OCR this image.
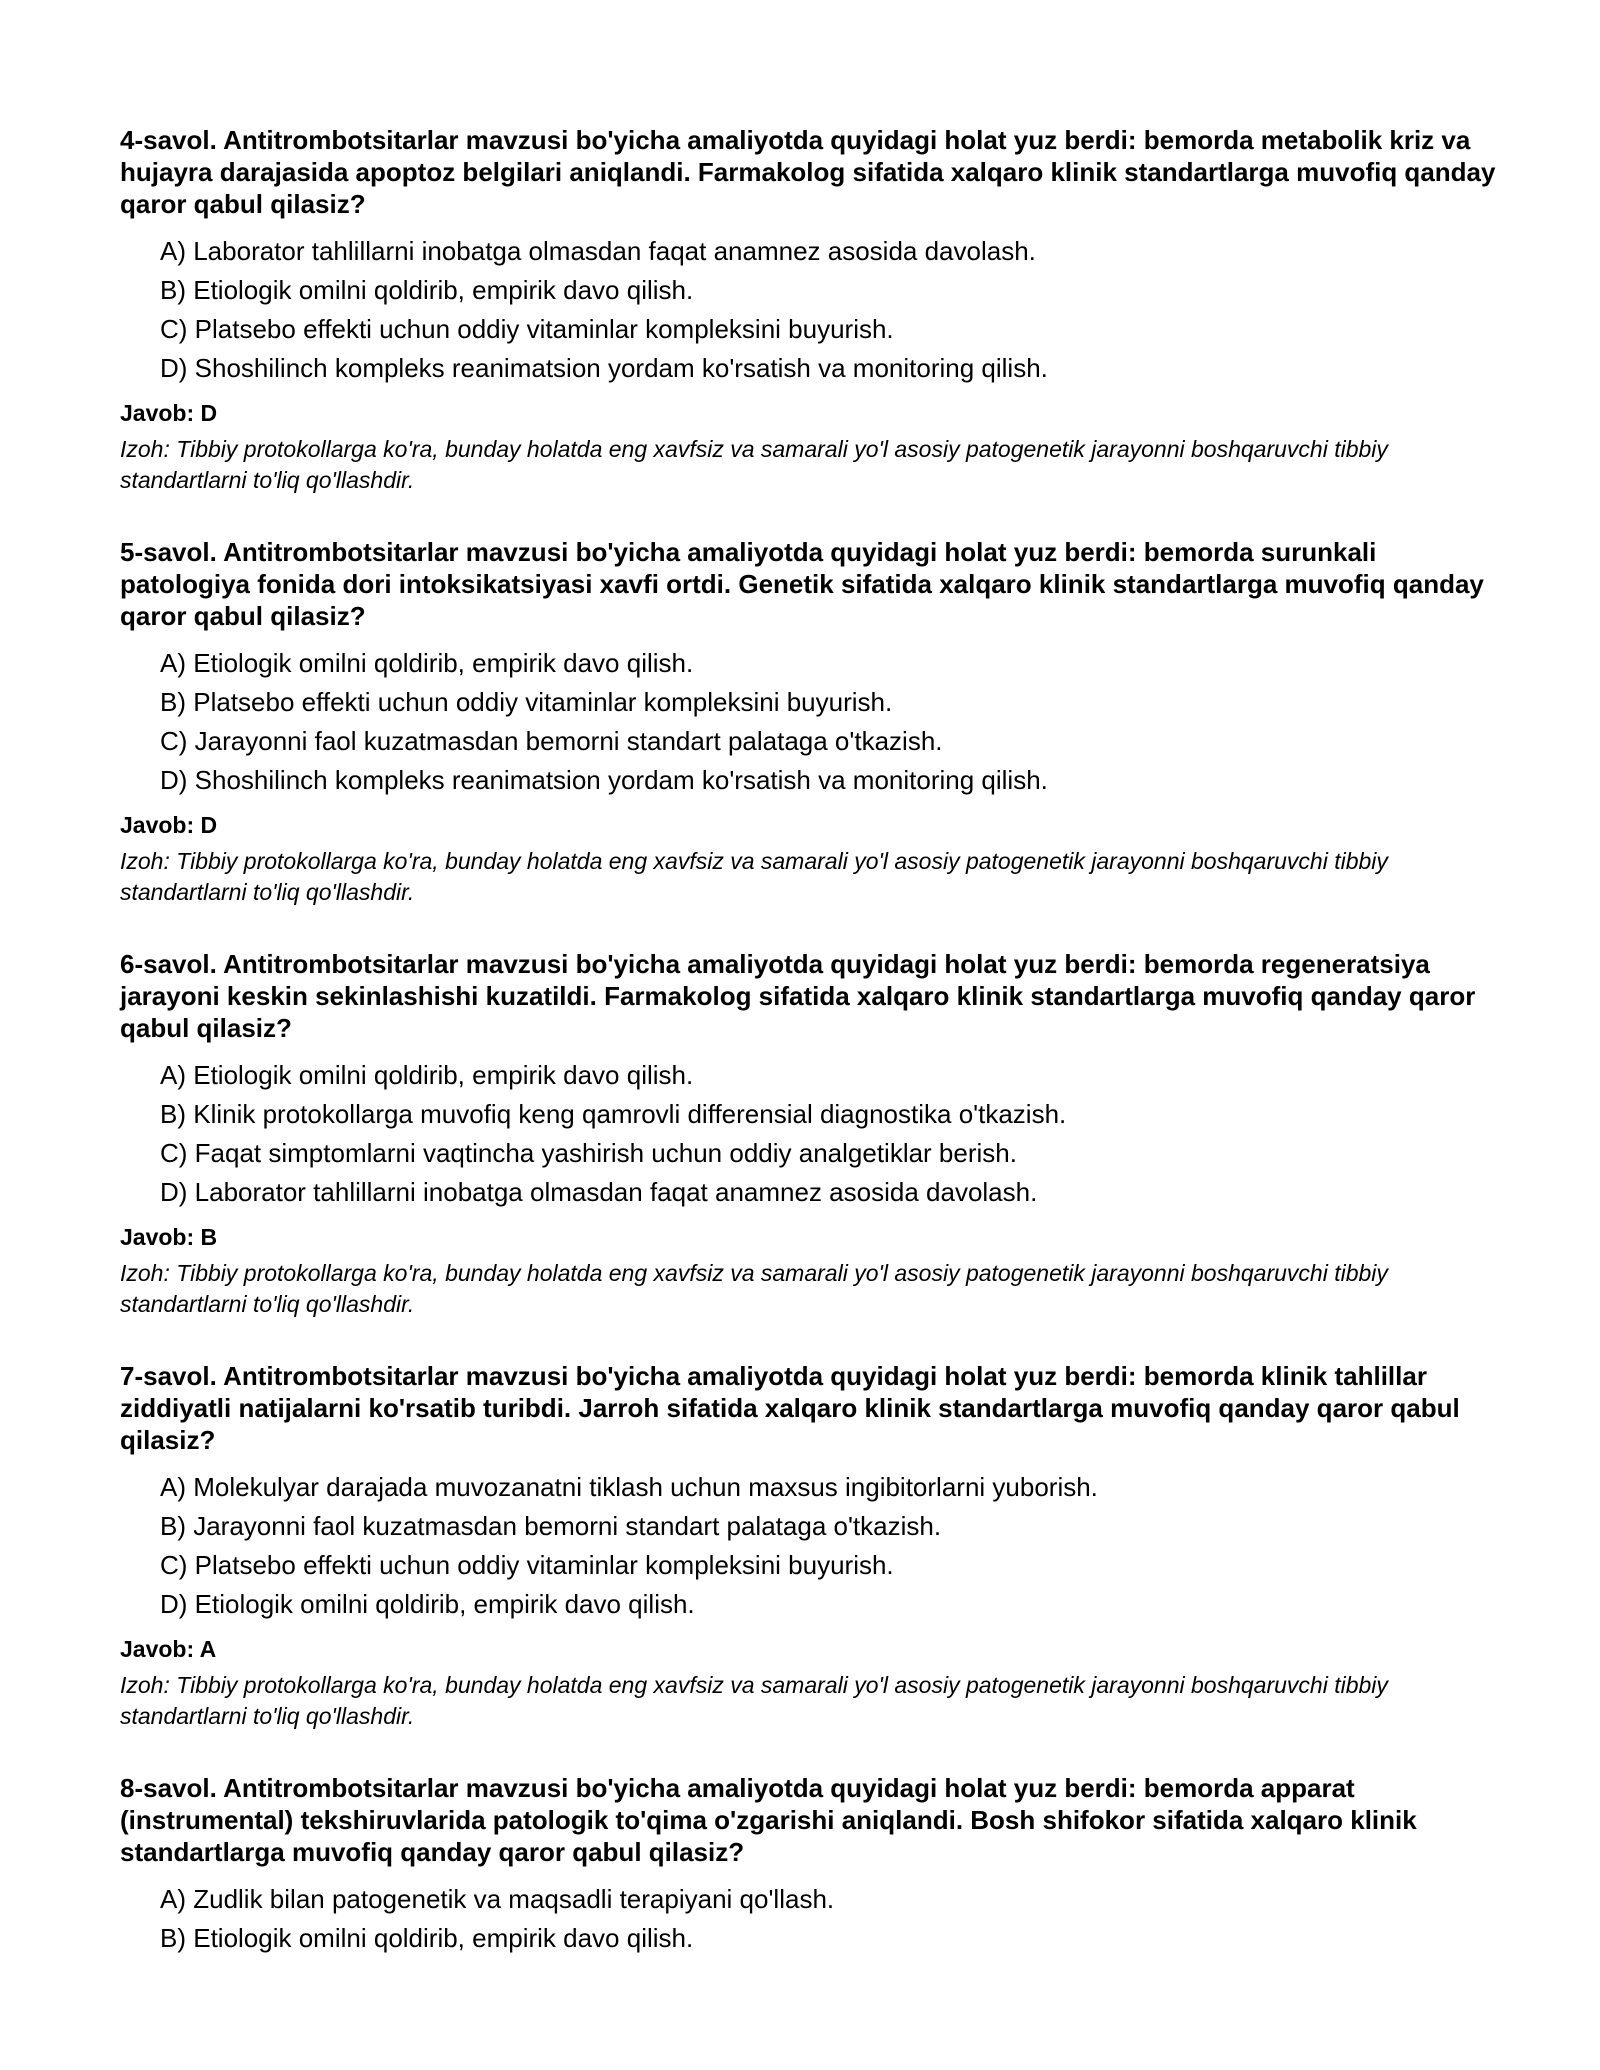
4-savol. Antitrombotsitarlar mavzusi bo'yicha amaliyotda quyidagi holat yuz berdi: bemorda metabolik kriz va hujayra darajasida apoptoz belgilari aniqlandi. Farmakolog sifatida xalqaro klinik standartlarga muvofiq qanday qaror qabul qilasiz?

A) Laborator tahlillarni inobatga olmasdan faqat anamnez asosida davolash.
B) Etiologik omilni qoldirib, empirik davo qilish.
C) Platsebo effekti uchun oddiy vitaminlar kompleksini buyurish.
D) Shoshilinch kompleks reanimatsion yordam ko'rsatish va monitoring qilish.

Javob: D

Izoh: Tibbiy protokollarga ko'ra, bunday holatda eng xavfsiz va samarali yo'l asosiy patogenetik jarayonni boshqaruvchi tibbiy standartlarni to'liq qo'llashdir.

5-savol. Antitrombotsitarlar mavzusi bo'yicha amaliyotda quyidagi holat yuz berdi: bemorda surunkali patologiya fonida dori intoksikatsiyasi xavfi ortdi. Genetik sifatida xalqaro klinik standartlarga muvofiq qanday qaror qabul qilasiz?

A) Etiologik omilni qoldirib, empirik davo qilish.
B) Platsebo effekti uchun oddiy vitaminlar kompleksini buyurish.
C) Jarayonni faol kuzatmasdan bemorni standart palataga o'tkazish.
D) Shoshilinch kompleks reanimatsion yordam ko'rsatish va monitoring qilish.

Javob: D

Izoh: Tibbiy protokollarga ko'ra, bunday holatda eng xavfsiz va samarali yo'l asosiy patogenetik jarayonni boshqaruvchi tibbiy standartlarni to'liq qo'llashdir.

6-savol. Antitrombotsitarlar mavzusi bo'yicha amaliyotda quyidagi holat yuz berdi: bemorda regeneratsiya jarayoni keskin sekinlashishi kuzatildi. Farmakolog sifatida xalqaro klinik standartlarga muvofiq qanday qaror qabul qilasiz?

A) Etiologik omilni qoldirib, empirik davo qilish.
B) Klinik protokollarga muvofiq keng qamrovli differensial diagnostika o'tkazish.
C) Faqat simptomlarni vaqtincha yashirish uchun oddiy analgetiklar berish.
D) Laborator tahlillarni inobatga olmasdan faqat anamnez asosida davolash.

Javob: B

Izoh: Tibbiy protokollarga ko'ra, bunday holatda eng xavfsiz va samarali yo'l asosiy patogenetik jarayonni boshqaruvchi tibbiy standartlarni to'liq qo'llashdir.

7-savol. Antitrombotsitarlar mavzusi bo'yicha amaliyotda quyidagi holat yuz berdi: bemorda klinik tahlillar ziddiyatli natijalarni ko'rsatib turibdi. Jarroh sifatida xalqaro klinik standartlarga muvofiq qanday qaror qabul qilasiz?

A) Molekulyar darajada muvozanatni tiklash uchun maxsus ingibitorlarni yuborish.
B) Jarayonni faol kuzatmasdan bemorni standart palataga o'tkazish.
C) Platsebo effekti uchun oddiy vitaminlar kompleksini buyurish.
D) Etiologik omilni qoldirib, empirik davo qilish.

Javob: A

Izoh: Tibbiy protokollarga ko'ra, bunday holatda eng xavfsiz va samarali yo'l asosiy patogenetik jarayonni boshqaruvchi tibbiy standartlarni to'liq qo'llashdir.

8-savol. Antitrombotsitarlar mavzusi bo'yicha amaliyotda quyidagi holat yuz berdi: bemorda apparat (instrumental) tekshiruvlarida patologik to'qima o'zgarishi aniqlandi. Bosh shifokor sifatida xalqaro klinik standartlarga muvofiq qanday qaror qabul qilasiz?

A) Zudlik bilan patogenetik va maqsadli terapiyani qo'llash.
B) Etiologik omilni qoldirib, empirik davo qilish.
